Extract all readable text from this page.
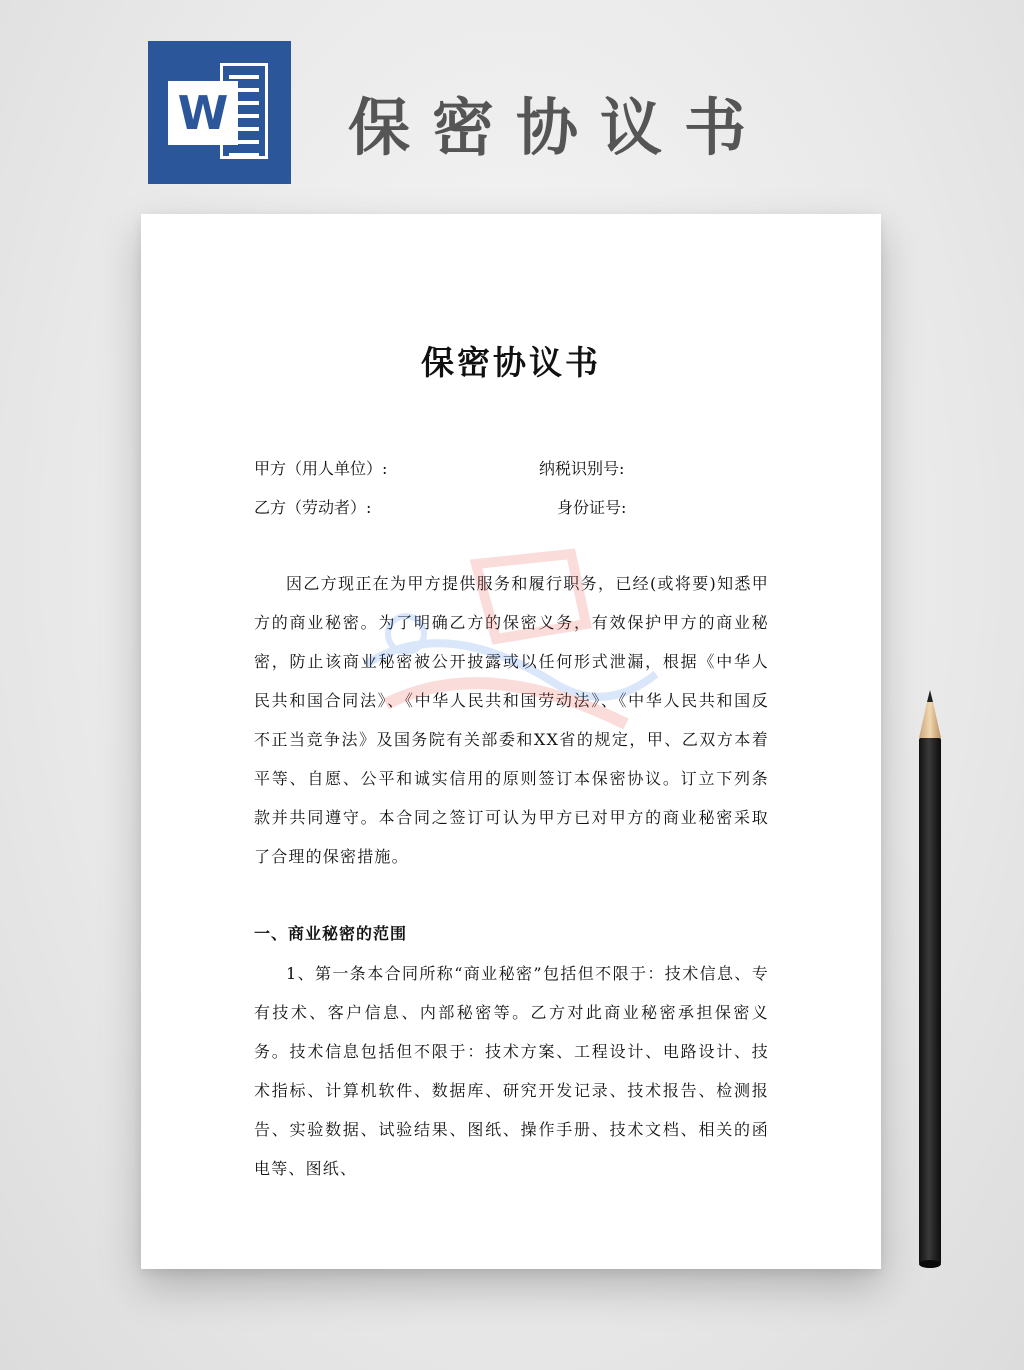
W 保密协议书
保密协议书
甲方（用人单位）:	纳税识别号:
乙方（劳动者）:	身份证号:

因乙方现正在为甲方提供服务和履行职务，已经(或将要)知悉甲方的商业秘密。为了明确乙方的保密义务，有效保护甲方的商业秘密，防止该商业秘密被公开披露或以任何形式泄漏，根据《中华人民共和国合同法》、《中华人民共和国劳动法》、《中华人民共和国反不正当竞争法》及国务院有关部委和XX省的规定，甲、乙双方本着平等、自愿、公平和诚实信用的原则签订本保密协议。订立下列条款并共同遵守。本合同之签订可认为甲方已对甲方的商业秘密采取了合理的保密措施。

一、商业秘密的范围

1、第一条本合同所称“商业秘密”包括但不限于：技术信息、专有技术、客户信息、内部秘密等。乙方对此商业秘密承担保密义务。技术信息包括但不限于：技术方案、工程设计、电路设计、技术指标、计算机软件、数据库、研究开发记录、技术报告、检测报告、实验数据、试验结果、图纸、操作手册、技术文档、相关的函电等、图纸、
